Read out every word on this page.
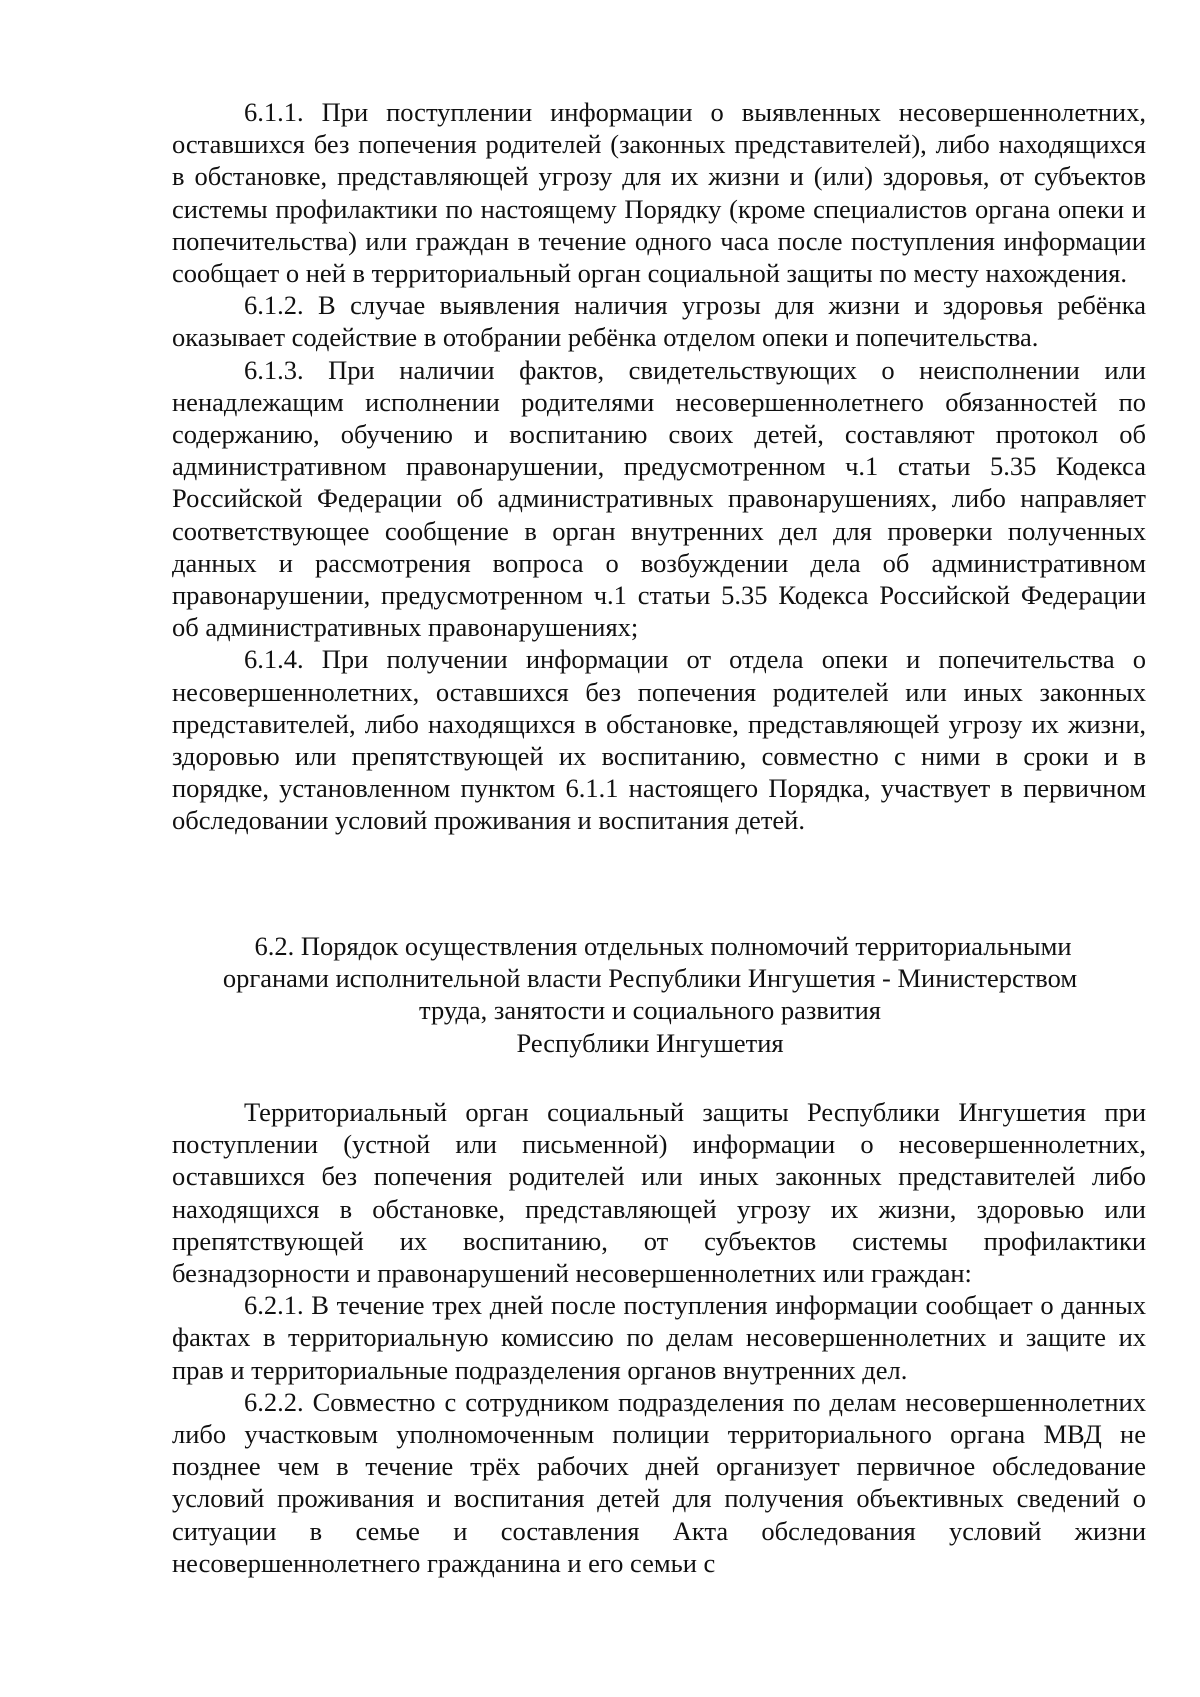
6.1.1. При поступлении информации о выявленных несовершеннолетних, оставшихся без попечения родителей (законных представителей), либо находящихся в обстановке, представляющей угрозу для их жизни и (или) здоровья, от субъектов системы профилактики по настоящему Порядку (кроме специалистов органа опеки и попечительства) или граждан в течение одного часа после поступления информации сообщает о ней в территориальный орган социальной защиты по месту нахождения.

6.1.2. В случае выявления наличия угрозы для жизни и здоровья ребёнка оказывает содействие в отобрании ребёнка отделом опеки и попечительства.

6.1.3. При наличии фактов, свидетельствующих о неисполнении или ненадлежащим исполнении родителями несовершеннолетнего обязанностей по содержанию, обучению и воспитанию своих детей, составляют протокол об административном правонарушении, предусмотренном ч.1 статьи 5.35 Кодекса Российской Федерации об административных правонарушениях, либо направляет соответствующее сообщение в орган внутренних дел для проверки полученных данных и рассмотрения вопроса о возбуждении дела об административном правонарушении, предусмотренном ч.1 статьи 5.35 Кодекса Российской Федерации об административных правонарушениях;

6.1.4. При получении информации от отдела опеки и попечительства о несовершеннолетних, оставшихся без попечения родителей или иных законных представителей, либо находящихся в обстановке, представляющей угрозу их жизни, здоровью или препятствующей их воспитанию, совместно с ними в сроки и в порядке, установленном пунктом 6.1.1 настоящего Порядка, участвует в первичном обследовании условий проживания и воспитания детей.

6.2. Порядок осуществления отдельных полномочий территориальными
органами исполнительной власти Республики Ингушетия - Министерством
труда, занятости и социального развития
Республики Ингушетия

Территориальный орган социальный защиты Республики Ингушетия при поступлении (устной или письменной) информации о несовершеннолетних, оставшихся без попечения родителей или иных законных представителей либо находящихся в обстановке, представляющей угрозу их жизни, здоровью или препятствующей их воспитанию, от субъектов системы профилактики безнадзорности и правонарушений несовершеннолетних или граждан:

6.2.1. В течение трех дней после поступления информации сообщает о данных фактах в территориальную комиссию по делам несовершеннолетних и защите их прав и территориальные подразделения органов внутренних дел.

6.2.2. Совместно с сотрудником подразделения по делам несовершеннолетних либо участковым уполномоченным полиции территориального органа МВД не позднее чем в течение трёх рабочих дней организует первичное обследование условий проживания и воспитания детей для получения объективных сведений о ситуации в семье и составления Акта обследования условий жизни несовершеннолетнего гражданина и его семьи с
